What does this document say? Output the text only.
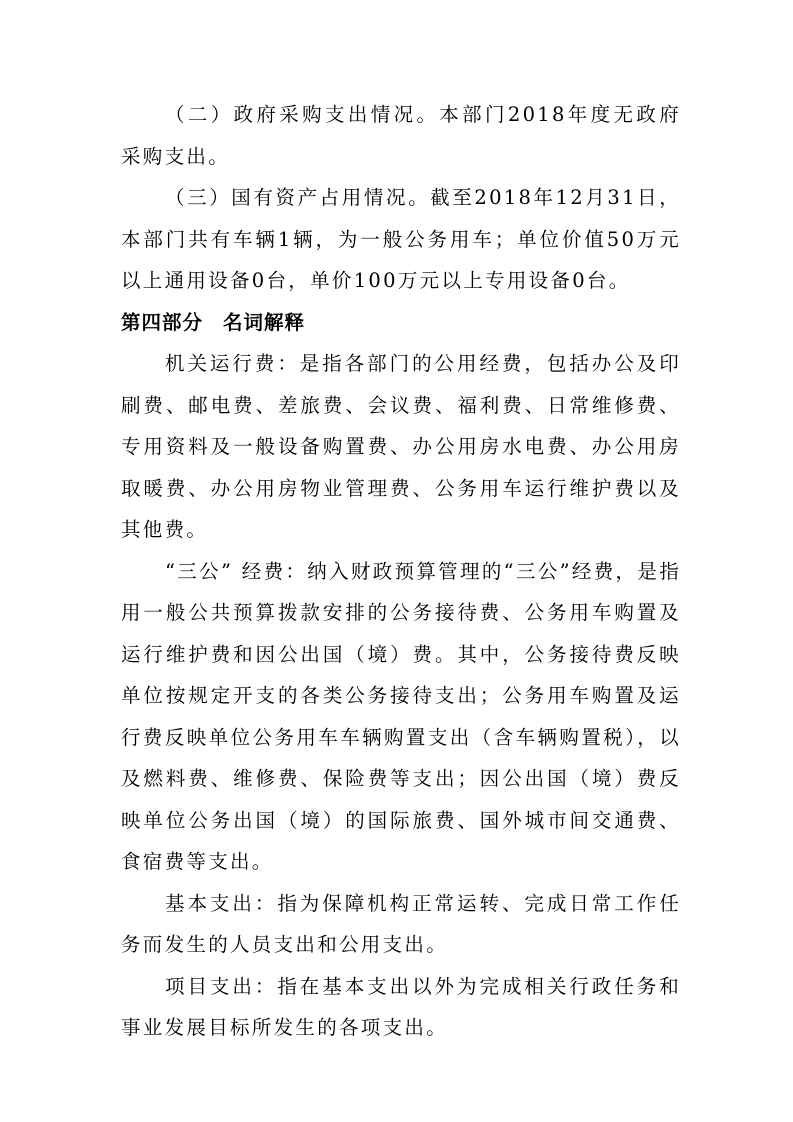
（二）政府采购支出情况。本部门2018年度无政府采购支出。

（三）国有资产占用情况。截至2018年12月31日，本部门共有车辆1辆，为一般公务用车；单位价值50万元以上通用设备0台，单价100万元以上专用设备0台。

第四部分 名词解释

机关运行费：是指各部门的公用经费，包括办公及印刷费、邮电费、差旅费、会议费、福利费、日常维修费、专用资料及一般设备购置费、办公用房水电费、办公用房取暖费、办公用房物业管理费、公务用车运行维护费以及其他费。

“三公” 经费：纳入财政预算管理的“三公”经费，是指用一般公共预算拨款安排的公务接待费、公务用车购置及运行维护费和因公出国（境）费。其中，公务接待费反映单位按规定开支的各类公务接待支出；公务用车购置及运行费反映单位公务用车车辆购置支出（含车辆购置税），以及燃料费、维修费、保险费等支出；因公出国（境）费反映单位公务出国（境）的国际旅费、国外城市间交通费、食宿费等支出。

基本支出：指为保障机构正常运转、完成日常工作任务而发生的人员支出和公用支出。

项目支出：指在基本支出以外为完成相关行政任务和事业发展目标所发生的各项支出。
